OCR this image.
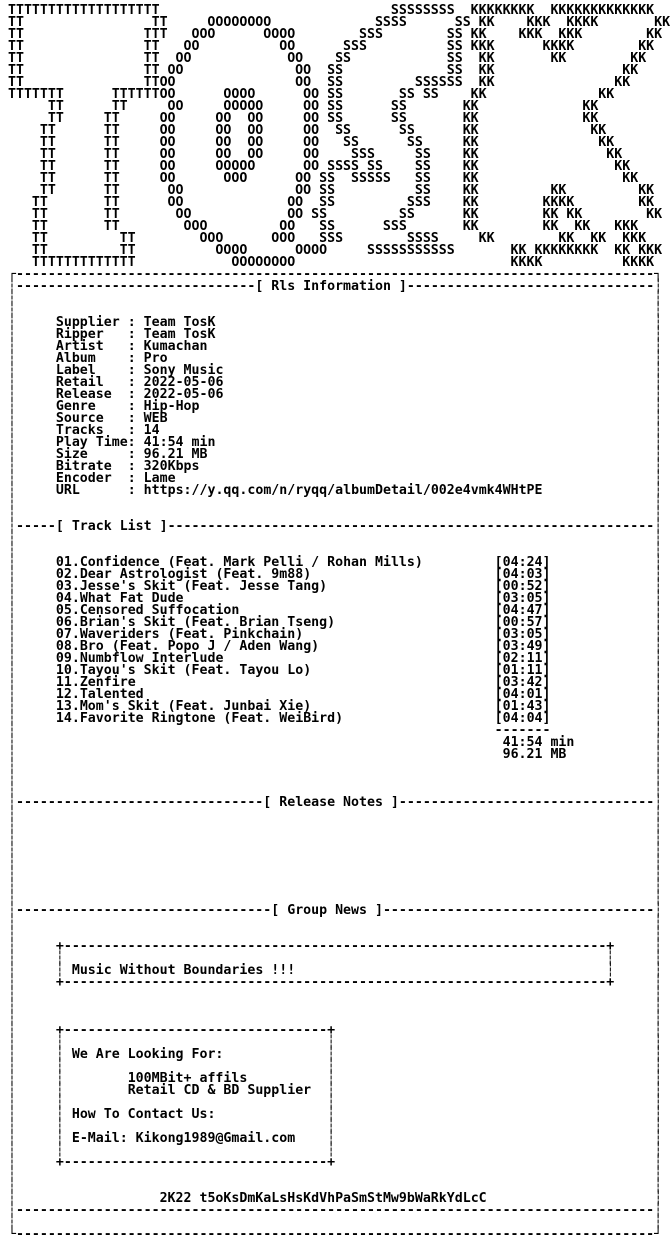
TTTTTTTTTTTTTTTTTTT                             SSSSSSSS  KKKKKKKK  KKKKKKKKKKKKK
TT                TT     OOOOOOOO             SSSS      SS KK    KKK  KKKK       KK
TT               TTT   OOO      OOOO        SSS        SS KK    KKK  KKK        KK
TT               TT   OO          OO      SSS          SS KKK      KKKK        KK
TT               TT  OO            OO    SS            SS  KK       KK        KK
TT               TT OO              OO  SS             SS  KK                KK
TT               TTOO               OO  SS         SSSSSS  KK               KK
TTTTTTT      TTTTTTOO      OOOO      OO SS       SS SS    KK              KK
TT      TT     OO     OOOOO     OO SS      SS       KK             KK
TT     TT     OO     OO  OO     OO SS      SS       KK             KK
TT      TT     OO     OO  OO     OO  SS      SS      KK              KK
TT      TT     OO     OO  OO     OO   SS      SS     KK               KK
TT      TT     OO     OO  OO     OO    SSS     SS    KK                KK
TT      TT     OO     OOOOO      OO SSSS SS    SS    KK                 KK
TT      TT     OO      OOO      OO SS  SSSSS   SS    KK                  KK
TT      TT      OO              OO SS          SS    KK         KK         KK
TT       TT      OO             OO  SS         SSS    KK        KKKK        KK
TT       TT       OO            OO SS         SS      KK        KK KK        KK
TT       TT        OOO         OO   SS      SSS       KK        KK  KK   KKK
TT         TT        OOO      OOO   SSS        SSSS     KK        KK  KK  KKK
TT         TT          OOOO      OOOO     SSSSSSSSSSS       KK KKKKKKKK  KK KKK
TTTTTTTTTTTTT            OOOOOOOO                           KKKK          KKKK
┌--------------------------------------------------------------------------------┐
┆------------------------------[ Rls Information ]-------------------------------┆
┆                                                                                ┆
┆                                                                                ┆
┆	Supplier : Team TosK	┆
┆	Ripper : Team TosK	┆
┆	Artist : Kumachan	┆
┆	Album : Pro	┆
┆	Label : Sony Music	┆
┆	Retail : 2022-05-06	┆
┆	Release : 2022-05-06	┆
┆	Genre : Hip-Hop	┆
┆	Source : WEB	┆
┆	Tracks : 14	┆
┆	Play Time: 41:54 min	┆
┆	Size	: 96.21 MB	┆
┆	Bitrate : 320Kbps	┆
┆	Encoder : Lame	┆
┆	URL	: https://y.qq.com/n/ryqq/albumDetail/002e4vmk4WHtPE	┆
┆                                                                                ┆
┆                                                                                ┆
┆-----[ Track List ]-------------------------------------------------------------┆
┆                                                                                ┆
┆                                                                                ┆
┆	01.Confidence (Feat. Mark Pelli / Rohan Mills)	[04:24]	┆
┆	02.Dear Astrologist (Feat. 9m88)	[04:03]	┆
┆	03.Jesse's Skit (Feat. Jesse Tang)	[00:52]	┆
┆	04.What Fat Dude	[03:05]	┆
┆	05.Censored Suffocation	[04:47]	┆
┆	06.Brian's Skit (Feat. Brian Tseng)	[00:57]	┆
┆	07.Waveriders (Feat. Pinkchain)	[03:05]	┆
┆	08.Bro (Feat. Popo J / Aden Wang)	[03:49]	┆
┆	09.Numbflow Interlude	[02:11]	┆
┆	10.Tayou's Skit (Feat. Tayou Lo)	[01:11]	┆
┆	11.Zenfire	[03:42]	┆
┆	12.Talented	[04:01]	┆
┆	13.Mom's Skit (Feat. Junbai Xie)	[01:43]	┆
┆	14.Favorite Ringtone (Feat. WeiBird)	[04:04]	┆
┆	-------	┆
┆	41:54 min	┆
┆	96.21 MB	┆
┆                                                                                ┆
┆                                                                                ┆
┆                                                                                ┆
┆-------------------------------[ Release Notes ]--------------------------------┆
┆                                                                                ┆
┆                                                                                ┆
┆                                                                                ┆
┆                                                                                ┆
┆                                                                                ┆
┆                                                                                ┆
┆                                                                                ┆
┆                                                                                ┆
┆--------------------------------[ Group News ]----------------------------------┆
┆                                                                                ┆
┆                                                                                ┆
┆	+--------------------------------------------------------------------+	┆
┆	┆                                                                    ┆	┆
┆	┆ Music Without Boundaries !!!	┆	┆
┆	+--------------------------------------------------------------------+	┆
┆                                                                                ┆
┆                                                                                ┆
┆                                                                                ┆
┆	+---------------------------------+	┆
┆	┆	┆	┆
┆	┆ We Are Looking For:	┆	┆
┆	┆	┆	┆
┆	┆	100MBit+ affils	┆	┆
┆	┆	Retail CD & BD Supplier ┆	┆
┆	┆	┆	┆
┆	┆ How To Contact Us:	┆	┆
┆	┆	┆	┆
┆	┆ E-Mail: Kikong1989@Gmail.com ┆	┆
┆	┆	┆	┆
┆	+---------------------------------+	┆
┆                                                                                ┆
┆                                                                                ┆
┆	2K22 t5oKsDmKaLsHsKdVhPaSmStMw9bWaRkYdLcC	┆
┆--------------------------------------------------------------------------------┆
┆                                                                                ┆
└--------------------------------------------------------------------------------┘
